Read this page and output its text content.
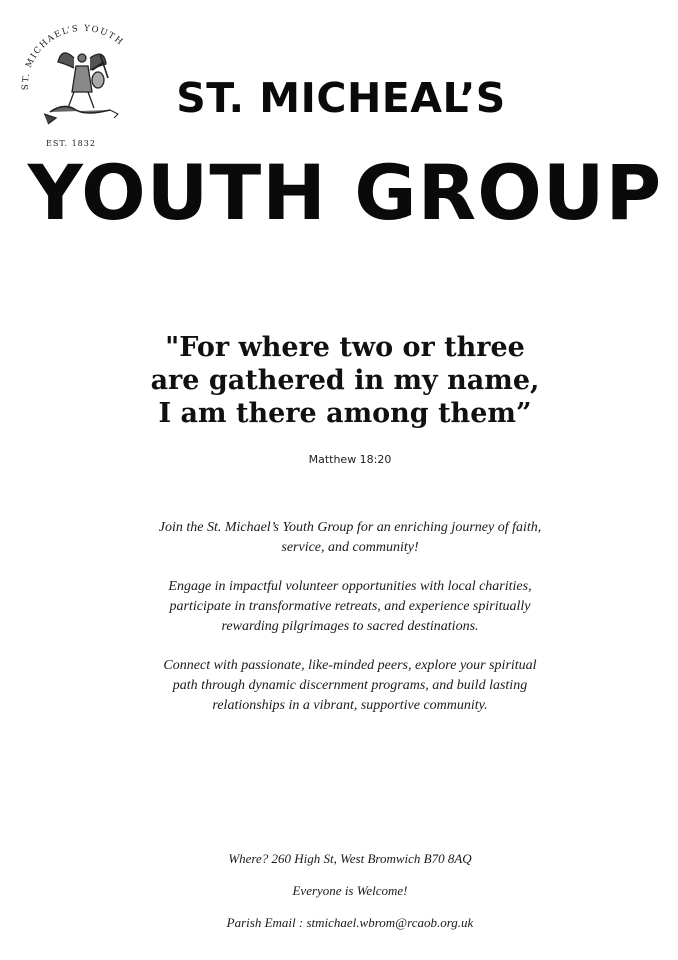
ST. MICHAEL’S YOUTH
EST. 1832
ST. MICHEAL’S
YOUTH GROUP
"For where two or three
are gathered in my name,
I am there among them”
Matthew 18:20

Join the St. Michael’s Youth Group for an enriching journey of faith,
service, and community!

Engage in impactful volunteer opportunities with local charities,
participate in transformative retreats, and experience spiritually
rewarding pilgrimages to sacred destinations.

Connect with passionate, like-minded peers, explore your spiritual
path through dynamic discernment programs, and build lasting
relationships in a vibrant, supportive community.

Where? 260 High St, West Bromwich B70 8AQ
Everyone is Welcome!
Parish Email : stmichael.wbrom@rcaob.org.uk
